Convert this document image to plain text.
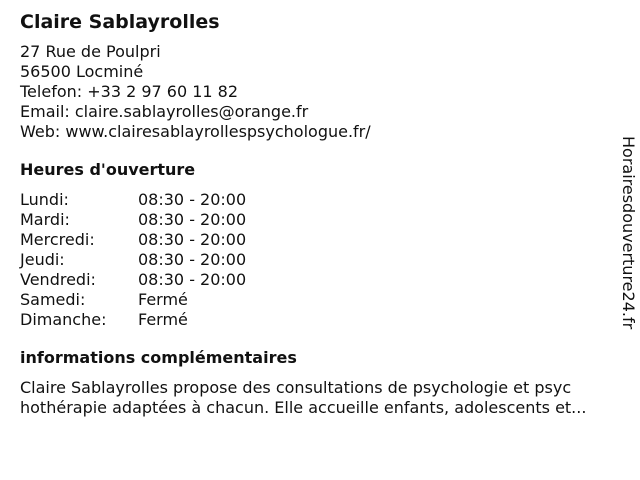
Claire Sablayrolles
27 Rue de Poulpri
56500 Locminé
Telefon: +33 2 97 60 11 82
Email: claire.sablayrolles@orange.fr
Web: www.clairesablayrollespsychologue.fr/
Heures d'ouverture
Lundi:	08:30 - 20:00
Mardi:	08:30 - 20:00
Mercredi:	08:30 - 20:00
Jeudi:	08:30 - 20:00
Vendredi:	08:30 - 20:00
Samedi:	Fermé
Dimanche:	Fermé
informations complémentaires
Claire Sablayrolles propose des consultations de psychologie et psyc
hothérapie adaptées à chacun. Elle accueille enfants, adolescents et...
Horairesdouverture24.fr
